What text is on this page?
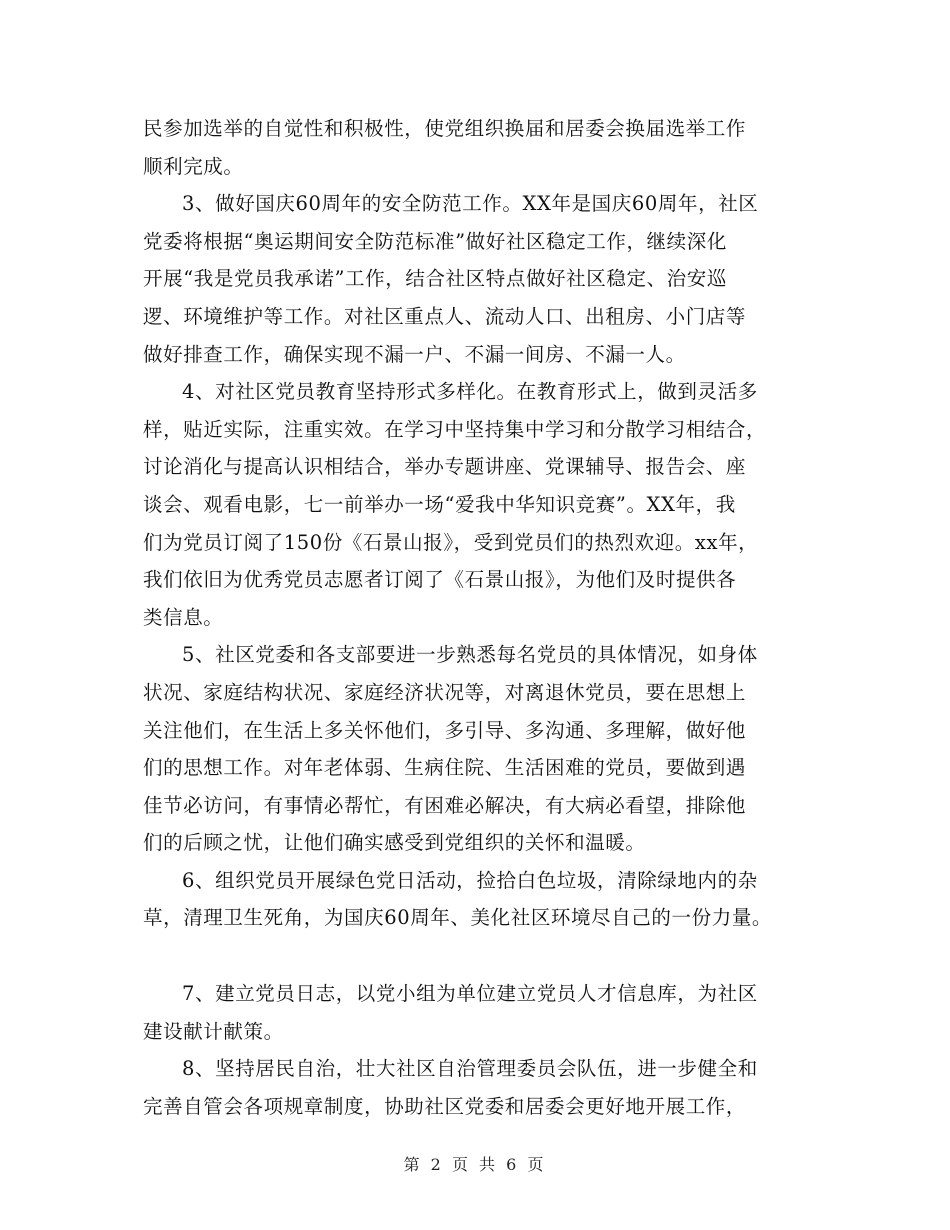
民参加选举的自觉性和积极性，使党组织换届和居委会换届选举工作
顺利完成。
3、做好国庆60周年的安全防范工作。XX年是国庆60周年，社区
党委将根据“奥运期间安全防范标准”做好社区稳定工作，继续深化
开展“我是党员我承诺”工作，结合社区特点做好社区稳定、治安巡
逻、环境维护等工作。对社区重点人、流动人口、出租房、小门店等
做好排查工作，确保实现不漏一户、不漏一间房、不漏一人。
4、对社区党员教育坚持形式多样化。在教育形式上，做到灵活多
样，贴近实际，注重实效。在学习中坚持集中学习和分散学习相结合，
讨论消化与提高认识相结合，举办专题讲座、党课辅导、报告会、座
谈会、观看电影，七一前举办一场“爱我中华知识竞赛”。XX年，我
们为党员订阅了150份《石景山报》，受到党员们的热烈欢迎。xx年，
我们依旧为优秀党员志愿者订阅了《石景山报》，为他们及时提供各
类信息。
5、社区党委和各支部要进一步熟悉每名党员的具体情况，如身体
状况、家庭结构状况、家庭经济状况等，对离退休党员，要在思想上
关注他们，在生活上多关怀他们，多引导、多沟通、多理解，做好他
们的思想工作。对年老体弱、生病住院、生活困难的党员，要做到遇
佳节必访问，有事情必帮忙，有困难必解决，有大病必看望，排除他
们的后顾之忧，让他们确实感受到党组织的关怀和温暖。
6、组织党员开展绿色党日活动，捡拾白色垃圾，清除绿地内的杂
草，清理卫生死角，为国庆60周年、美化社区环境尽自己的一份力量。
7、建立党员日志，以党小组为单位建立党员人才信息库，为社区
建设献计献策。
8、坚持居民自治，壮大社区自治管理委员会队伍，进一步健全和
完善自管会各项规章制度，协助社区党委和居委会更好地开展工作，
第 2 页 共 6 页
